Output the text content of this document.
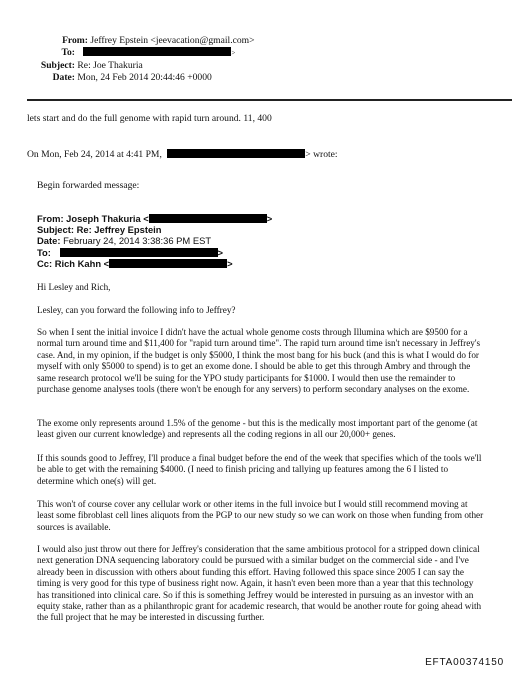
From: Jeffrey Epstein <jeevacation@gmail.com>
To:	>
Subject: Re: Joe Thakuria
Date: Mon, 24 Feb 2014 20:44:46 +0000
lets start and do the full genome with rapid turn around. 11, 400
On Mon, Feb 24, 2014 at 4:41 PM,	> wrote:
Begin forwarded message:
From: Joseph Thakuria <	>
Subject: Re: Jeffrey Epstein
Date: February 24, 2014 3:38:36 PM EST
To:	>
Cc: Rich Kahn <	>
Hi Lesley and Rich,
Lesley, can you forward the following info to Jeffrey?
So when I sent the initial invoice I didn't have the actual whole genome costs through Illumina which are $9500 for a normal turn around time and $11,400 for "rapid turn around time". The rapid turn around time isn't necessary in Jeffrey's case. And, in my opinion, if the budget is only $5000, I think the most bang for his buck (and this is what I would do for myself with only $5000 to spend) is to get an exome done. I should be able to get this through Ambry and through the same research protocol we'll be suing for the YPO study participants for $1000. I would then use the remainder to purchase genome analyses tools (there won't be enough for any servers) to perform secondary analyses on the exome.
The exome only represents around 1.5% of the genome - but this is the medically most important part of the genome (at least given our current knowledge) and represents all the coding regions in all our 20,000+ genes.
If this sounds good to Jeffrey, I'll produce a final budget before the end of the week that specifies which of the tools we'll be able to get with the remaining $4000. (I need to finish pricing and tallying up features among the 6 I listed to determine which one(s) will get.
This won't of course cover any cellular work or other items in the full invoice but I would still recommend moving at least some fibroblast cell lines aliquots from the PGP to our new study so we can work on those when funding from other sources is available.
I would also just throw out there for Jeffrey's consideration that the same ambitious protocol for a stripped down clinical next generation DNA sequencing laboratory could be pursued with a similar budget on the commercial side - and I've already been in discussion with others about funding this effort. Having followed this space since 2005 I can say the timing is very good for this type of business right now. Again, it hasn't even been more than a year that this technology has transitioned into clinical care. So if this is something Jeffrey would be interested in pursuing as an investor with an equity stake, rather than as a philanthropic grant for academic research, that would be another route for going ahead with the full project that he may be interested in discussing further.
EFTA00374150
